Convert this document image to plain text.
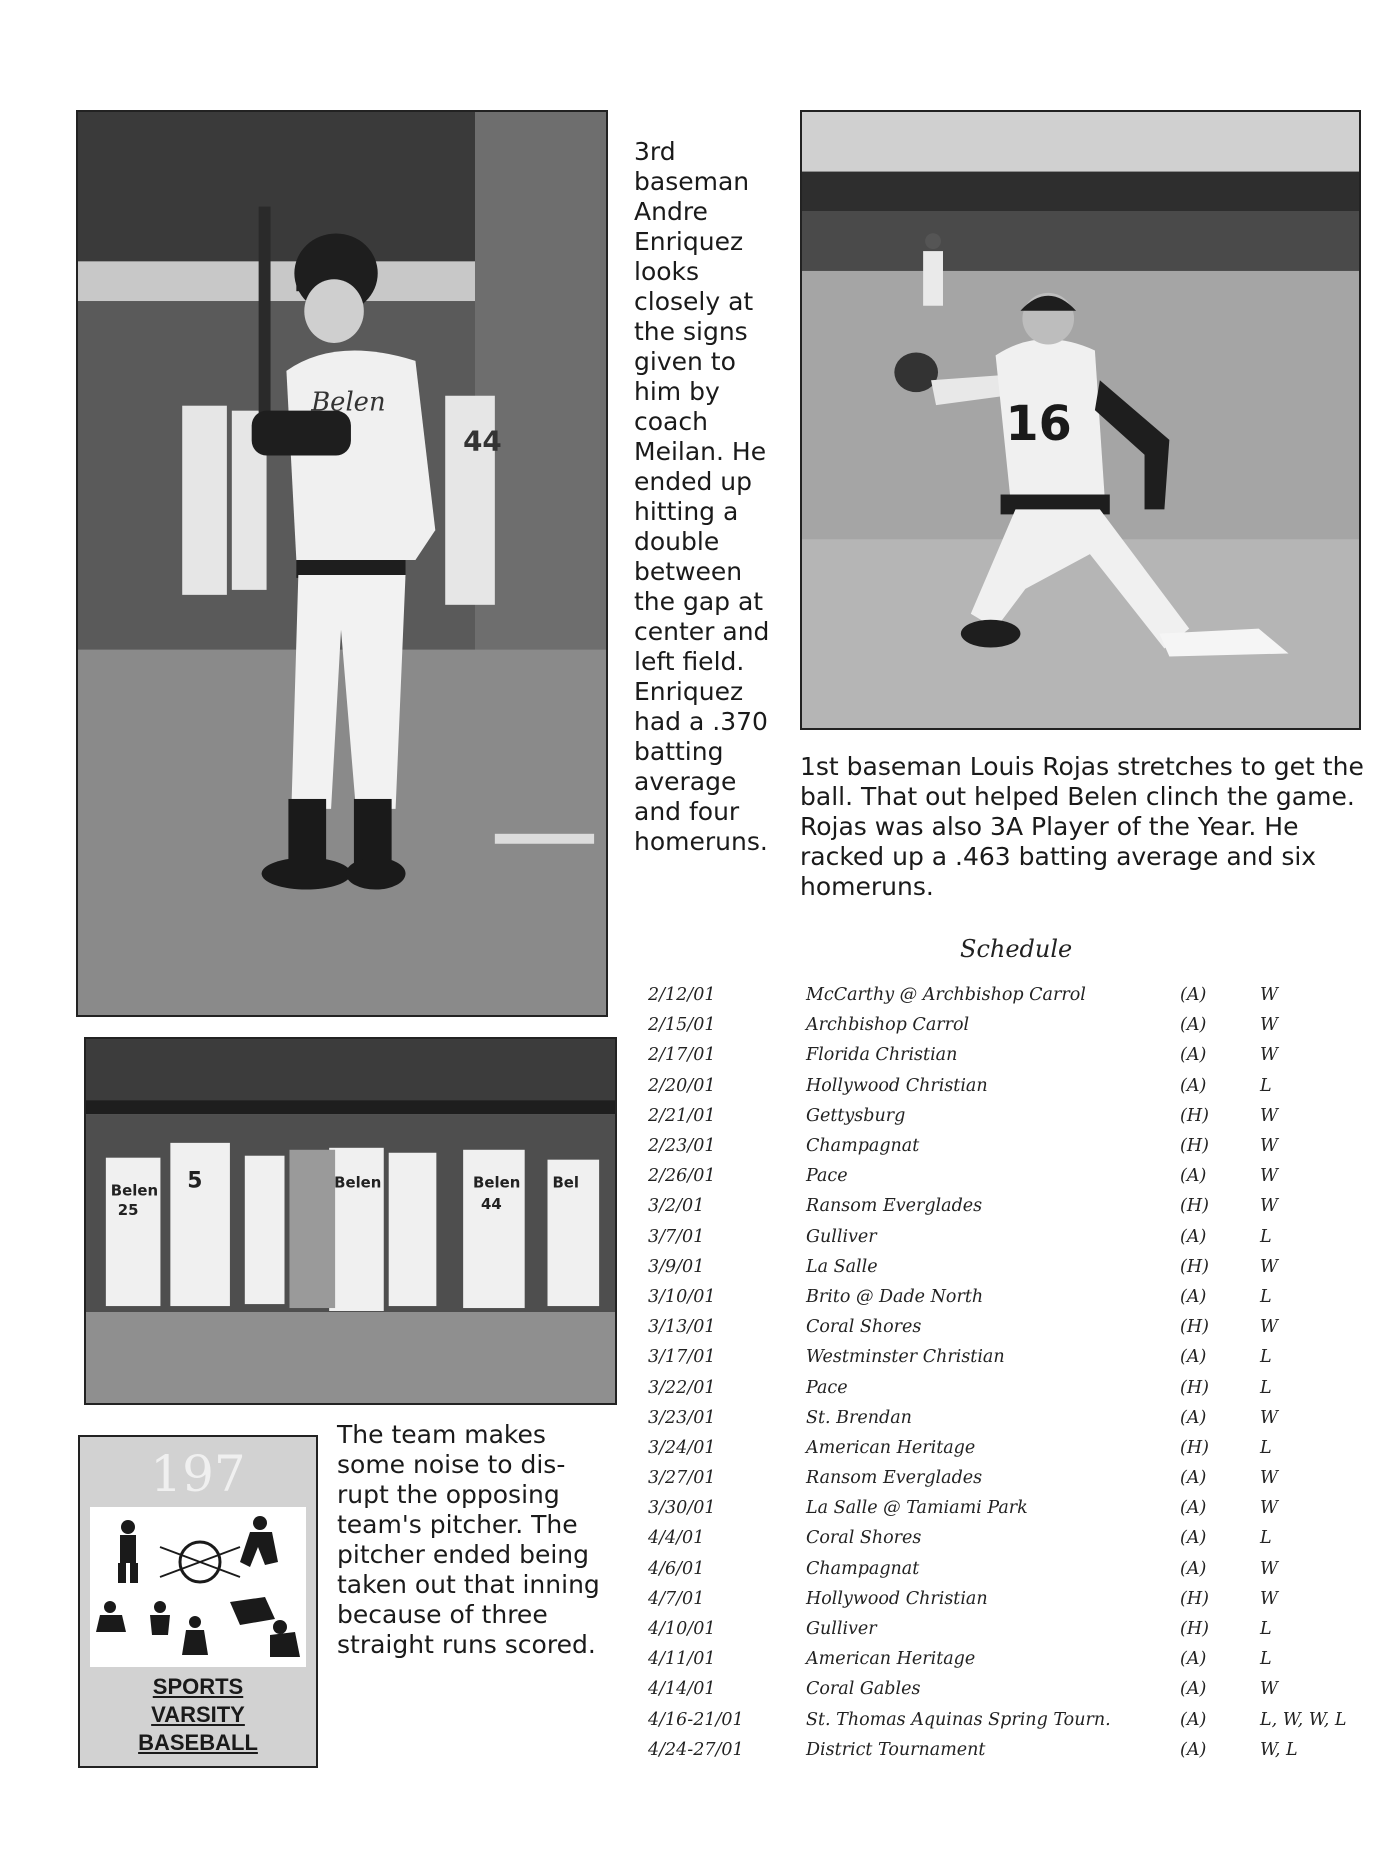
Belen
44	16
Belen
25
5	Belen	Belen
44
Bel

3rd baseman Andre Enriquez looks closely at the signs given to him by coach Meilan. He ended up hitting a double between the gap at center and left field. Enriquez had a .370 batting average and four homeruns.

1st baseman Louis Rojas stretches to get the ball. That out helped Belen clinch the game. Rojas was also 3A Player of the Year. He racked up a .463 batting average and six homeruns.

The team makes some noise to dis-rupt the opposing team's pitcher. The pitcher ended being taken out that inning because of three straight runs scored.

197
SPORTS
VARSITY
BASEBALL
Schedule
2/12/01	McCarthy @ Archbishop Carrol	(A)	W
2/15/01	Archbishop Carrol	(A)	W
2/17/01	Florida Christian	(A)	W
2/20/01	Hollywood Christian	(A)	L
2/21/01	Gettysburg	(H)	W
2/23/01	Champagnat	(H)	W
2/26/01	Pace	(A)	W
3/2/01	Ransom Everglades	(H)	W
3/7/01	Gulliver	(A)	L
3/9/01	La Salle	(H)	W
3/10/01	Brito @ Dade North	(A)	L
3/13/01	Coral Shores	(H)	W
3/17/01	Westminster Christian	(A)	L
3/22/01	Pace	(H)	L
3/23/01	St. Brendan	(A)	W
3/24/01	American Heritage	(H)	L
3/27/01	Ransom Everglades	(A)	W
3/30/01	La Salle @ Tamiami Park	(A)	W
4/4/01	Coral Shores	(A)	L
4/6/01	Champagnat	(A)	W
4/7/01	Hollywood Christian	(H)	W
4/10/01	Gulliver	(H)	L
4/11/01	American Heritage	(A)	L
4/14/01	Coral Gables	(A)	W
4/16-21/01	St. Thomas Aquinas Spring Tourn.	(A)	L, W, W, L
4/24-27/01	District Tournament	(A)	W, L
